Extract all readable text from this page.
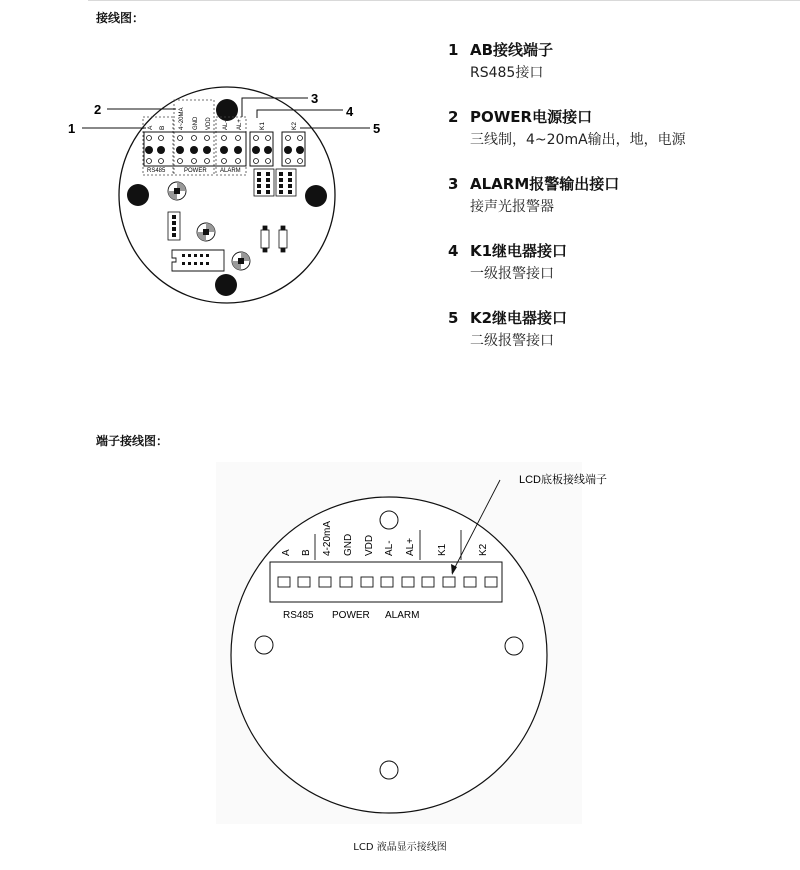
接线图：
端子接线图：
1 AB接线端子
RS485接口
2 POWER电源接口
三线制，4~20mA输出，地，电源
3 ALARM报警输出接口
接声光报警器
4 K1继电器接口
一级报警接口
5 K2继电器接口
二级报警接口
A B 4~20MA GND VDD AL- AL+ K1	K2
RS485	POWER ALARM
1
2
3
4
5
A B 4-20mA GND VDD AL- AL+ K1	K2
RS485 POWER ALARM
LCD底板接线端子
LCD 液晶显示接线图
